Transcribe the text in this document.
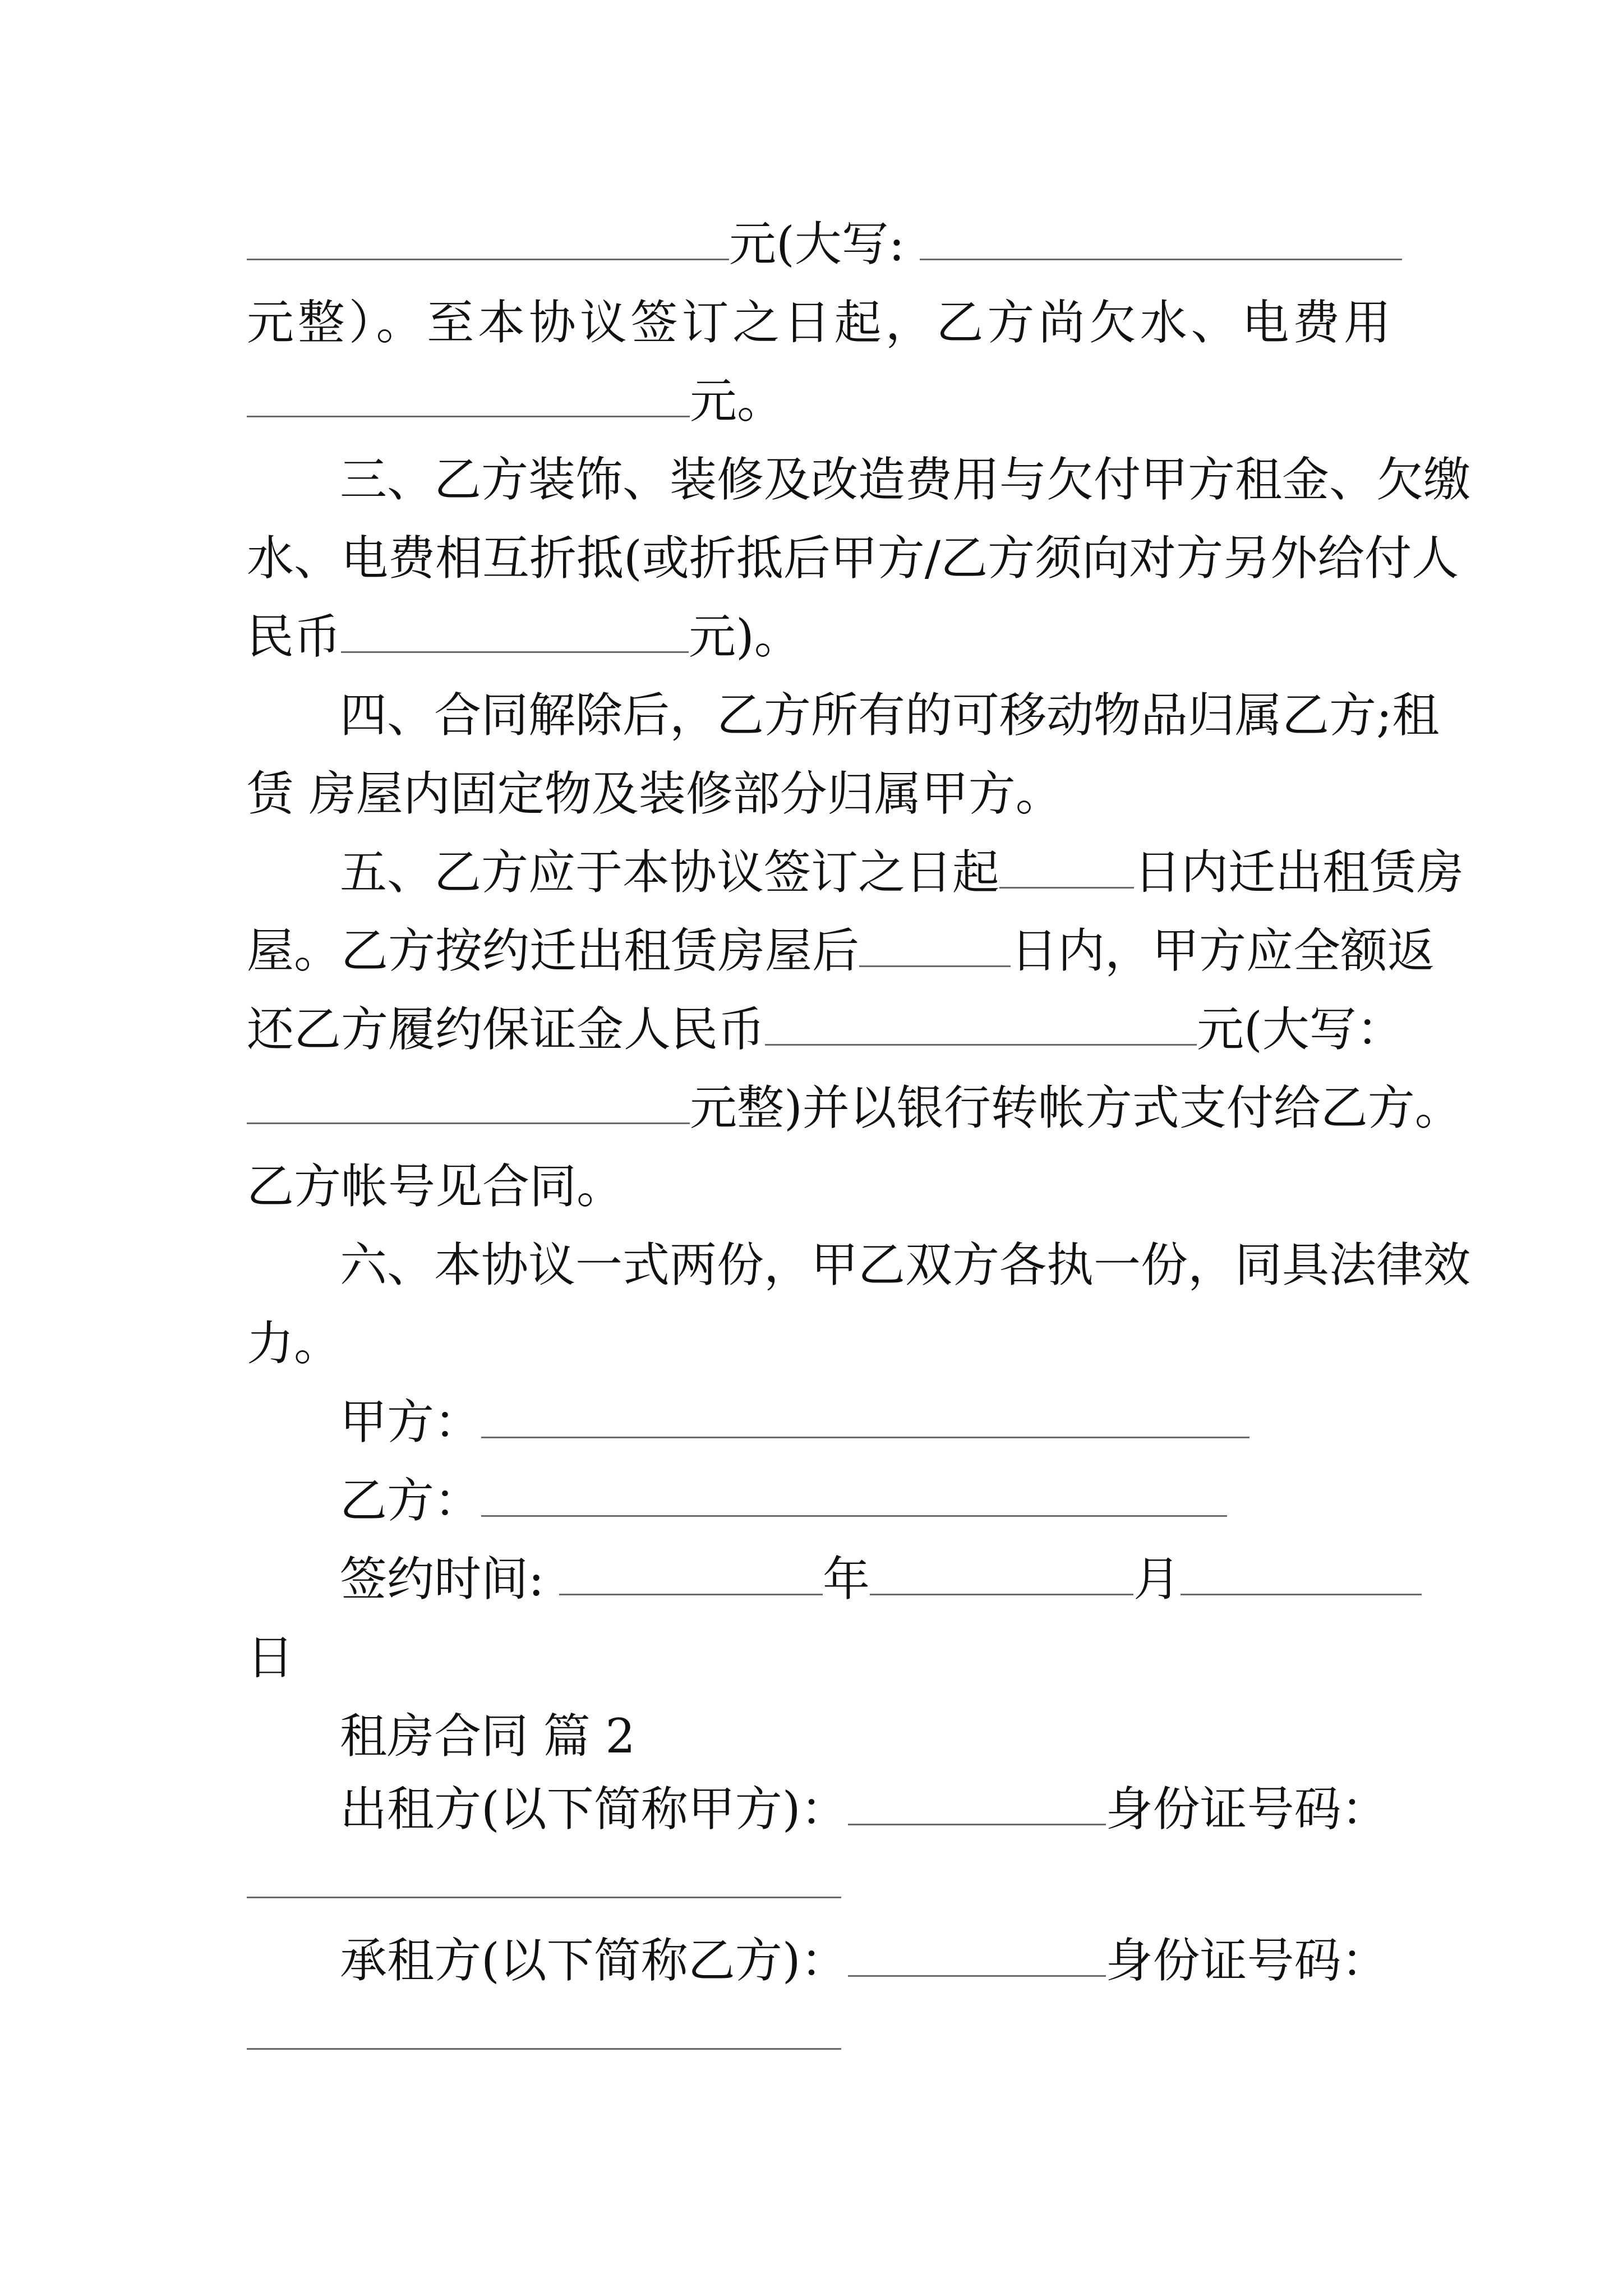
元(大写:
元整）。至本协议签订之日起，乙方尚欠水、电费用
元。
三、乙方装饰、装修及改造费用与欠付甲方租金、欠缴
水、电费相互折抵(或折抵后甲方/乙方须向对方另外给付人
民币	元)。
四、合同解除后，乙方所有的可移动物品归属乙方;租
赁 房屋内固定物及装修部分归属甲方。
五、乙方应于本协议签订之日起	日内迁出租赁房
屋。乙方按约迁出租赁房屋后	日内，甲方应全额返
还乙方履约保证金人民币	元(大写：
元整)并以银行转帐方式支付给乙方。
乙方帐号见合同。
六、本协议一式两份，甲乙双方各执一份，同具法律效
力。
甲方：
乙方：
签约时间:	年	月
日
租房合同 篇 2
出租方(以下简称甲方)：	身份证号码：
承租方(以下简称乙方)：	身份证号码：
